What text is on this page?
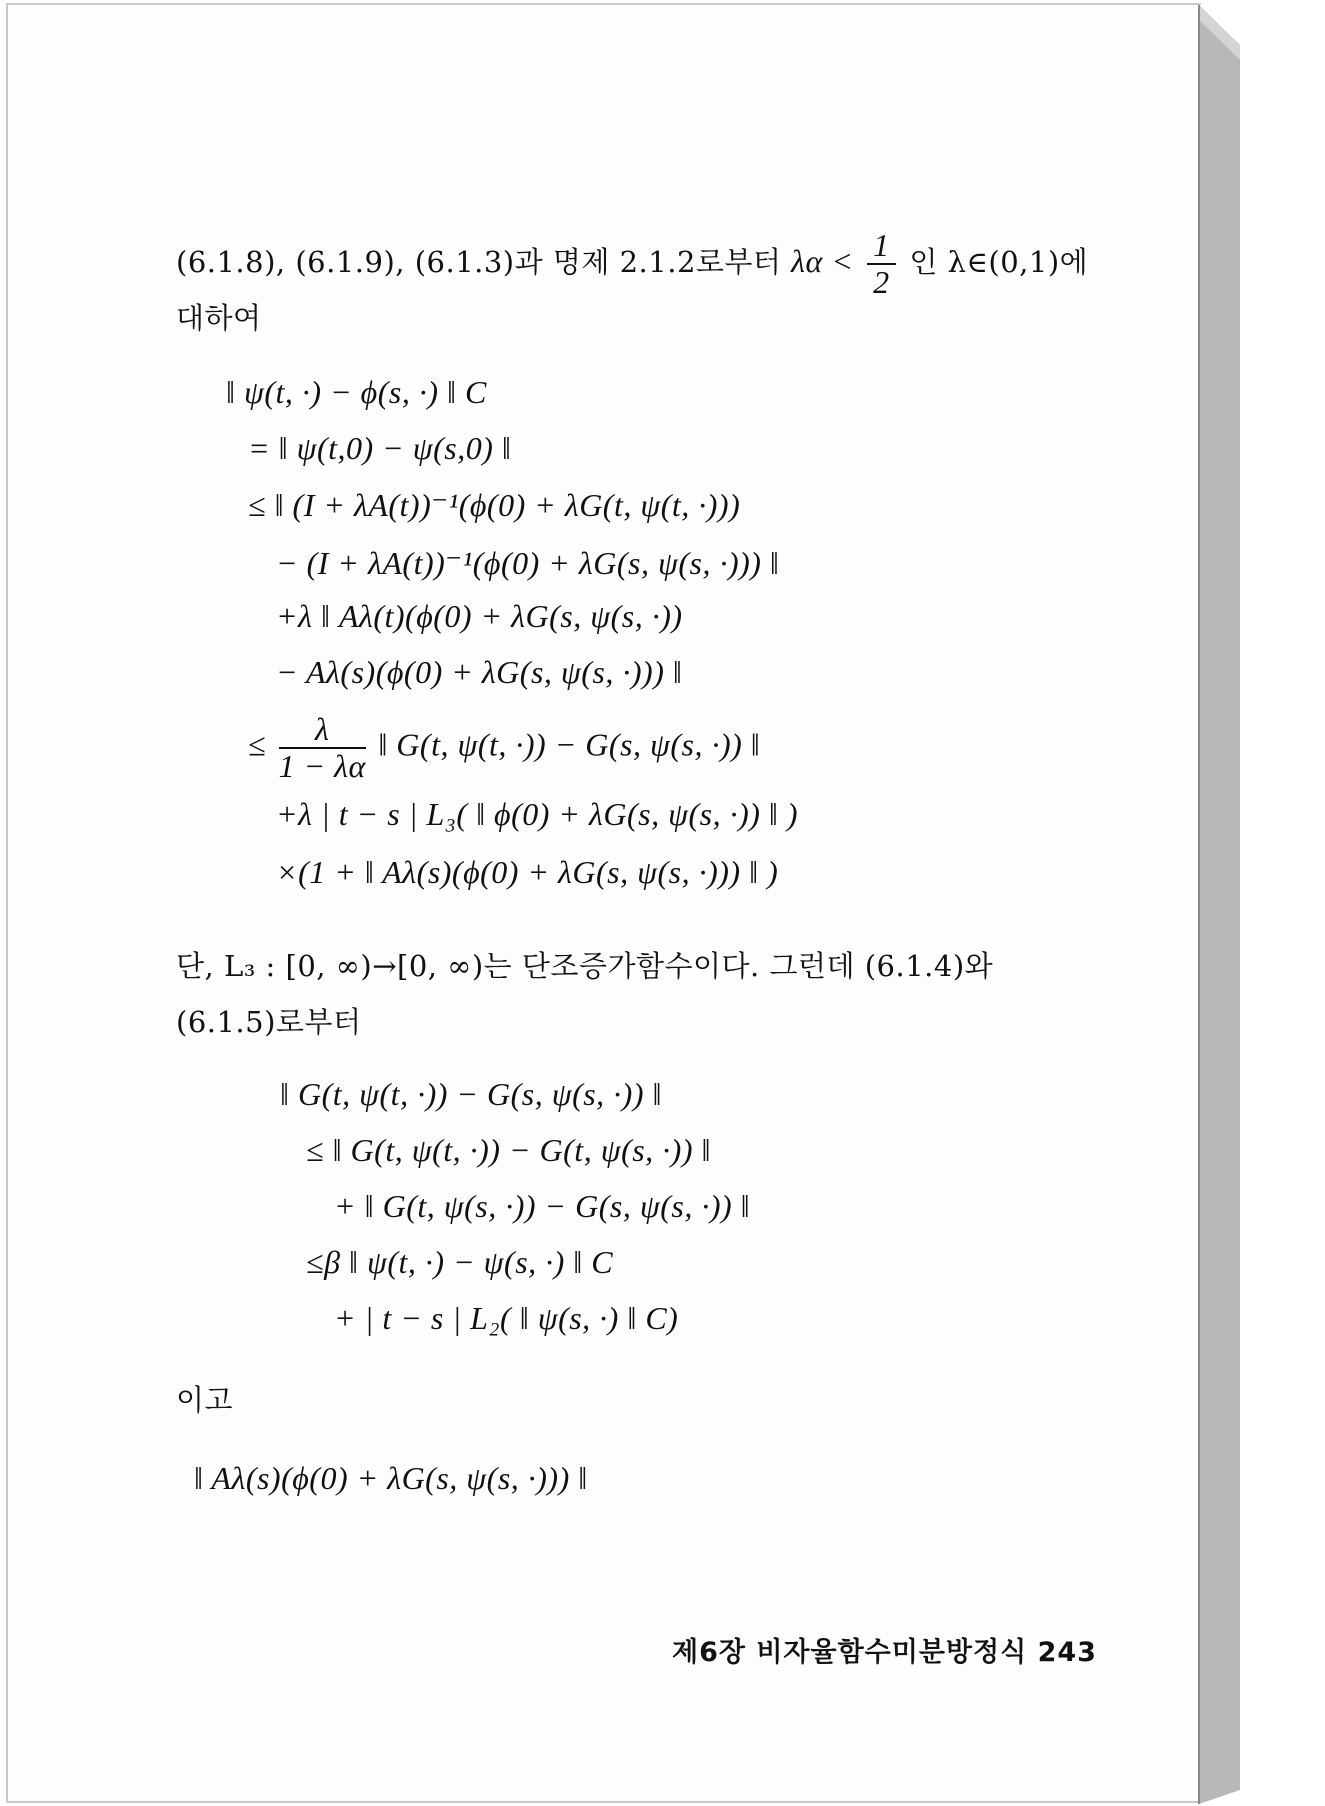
(6.1.8), (6.1.9), (6.1.3)과 명제 2.1.2로부터 $\lambda\alpha < \frac{1}{2}$ 인 λ∈(0,1)에
대하여
‖ ψ(t, ·) − ϕ(s, ·) ‖ C
= ‖ ψ(t,0) − ψ(s,0) ‖
≤ ‖ (I + λA(t))⁻¹(ϕ(0) + λG(t, ψ(t, ·)))
− (I + λA(t))⁻¹(ϕ(0) + λG(s, ψ(s, ·))) ‖
+λ ‖ Aλ(t)(ϕ(0) + λG(s, ψ(s, ·))
− Aλ(s)(ϕ(0) + λG(s, ψ(s, ·))) ‖
≤ $\frac{\lambda}{1 - \lambda\alpha}$ ‖ G(t, ψ(t, ·)) − G(s, ψ(s, ·)) ‖
+λ | t − s | L₃( ‖ ϕ(0) + λG(s, ψ(s, ·)) ‖ )
×(1 + ‖ Aλ(s)(ϕ(0) + λG(s, ψ(s, ·))) ‖ )
단, L₃ : [0, ∞)→[0, ∞)는 단조증가함수이다. 그런데 (6.1.4)와
(6.1.5)로부터
‖ G(t, ψ(t, ·)) − G(s, ψ(s, ·)) ‖
≤ ‖ G(t, ψ(t, ·)) − G(t, ψ(s, ·)) ‖
+ ‖ G(t, ψ(s, ·)) − G(s, ψ(s, ·)) ‖
≤β ‖ ψ(t, ·) − ψ(s, ·) ‖ C
+ | t − s | L₂( ‖ ψ(s, ·) ‖ C)
이고
‖ Aλ(s)(ϕ(0) + λG(s, ψ(s, ·))) ‖
제6장 비자율함수미분방정식 243
